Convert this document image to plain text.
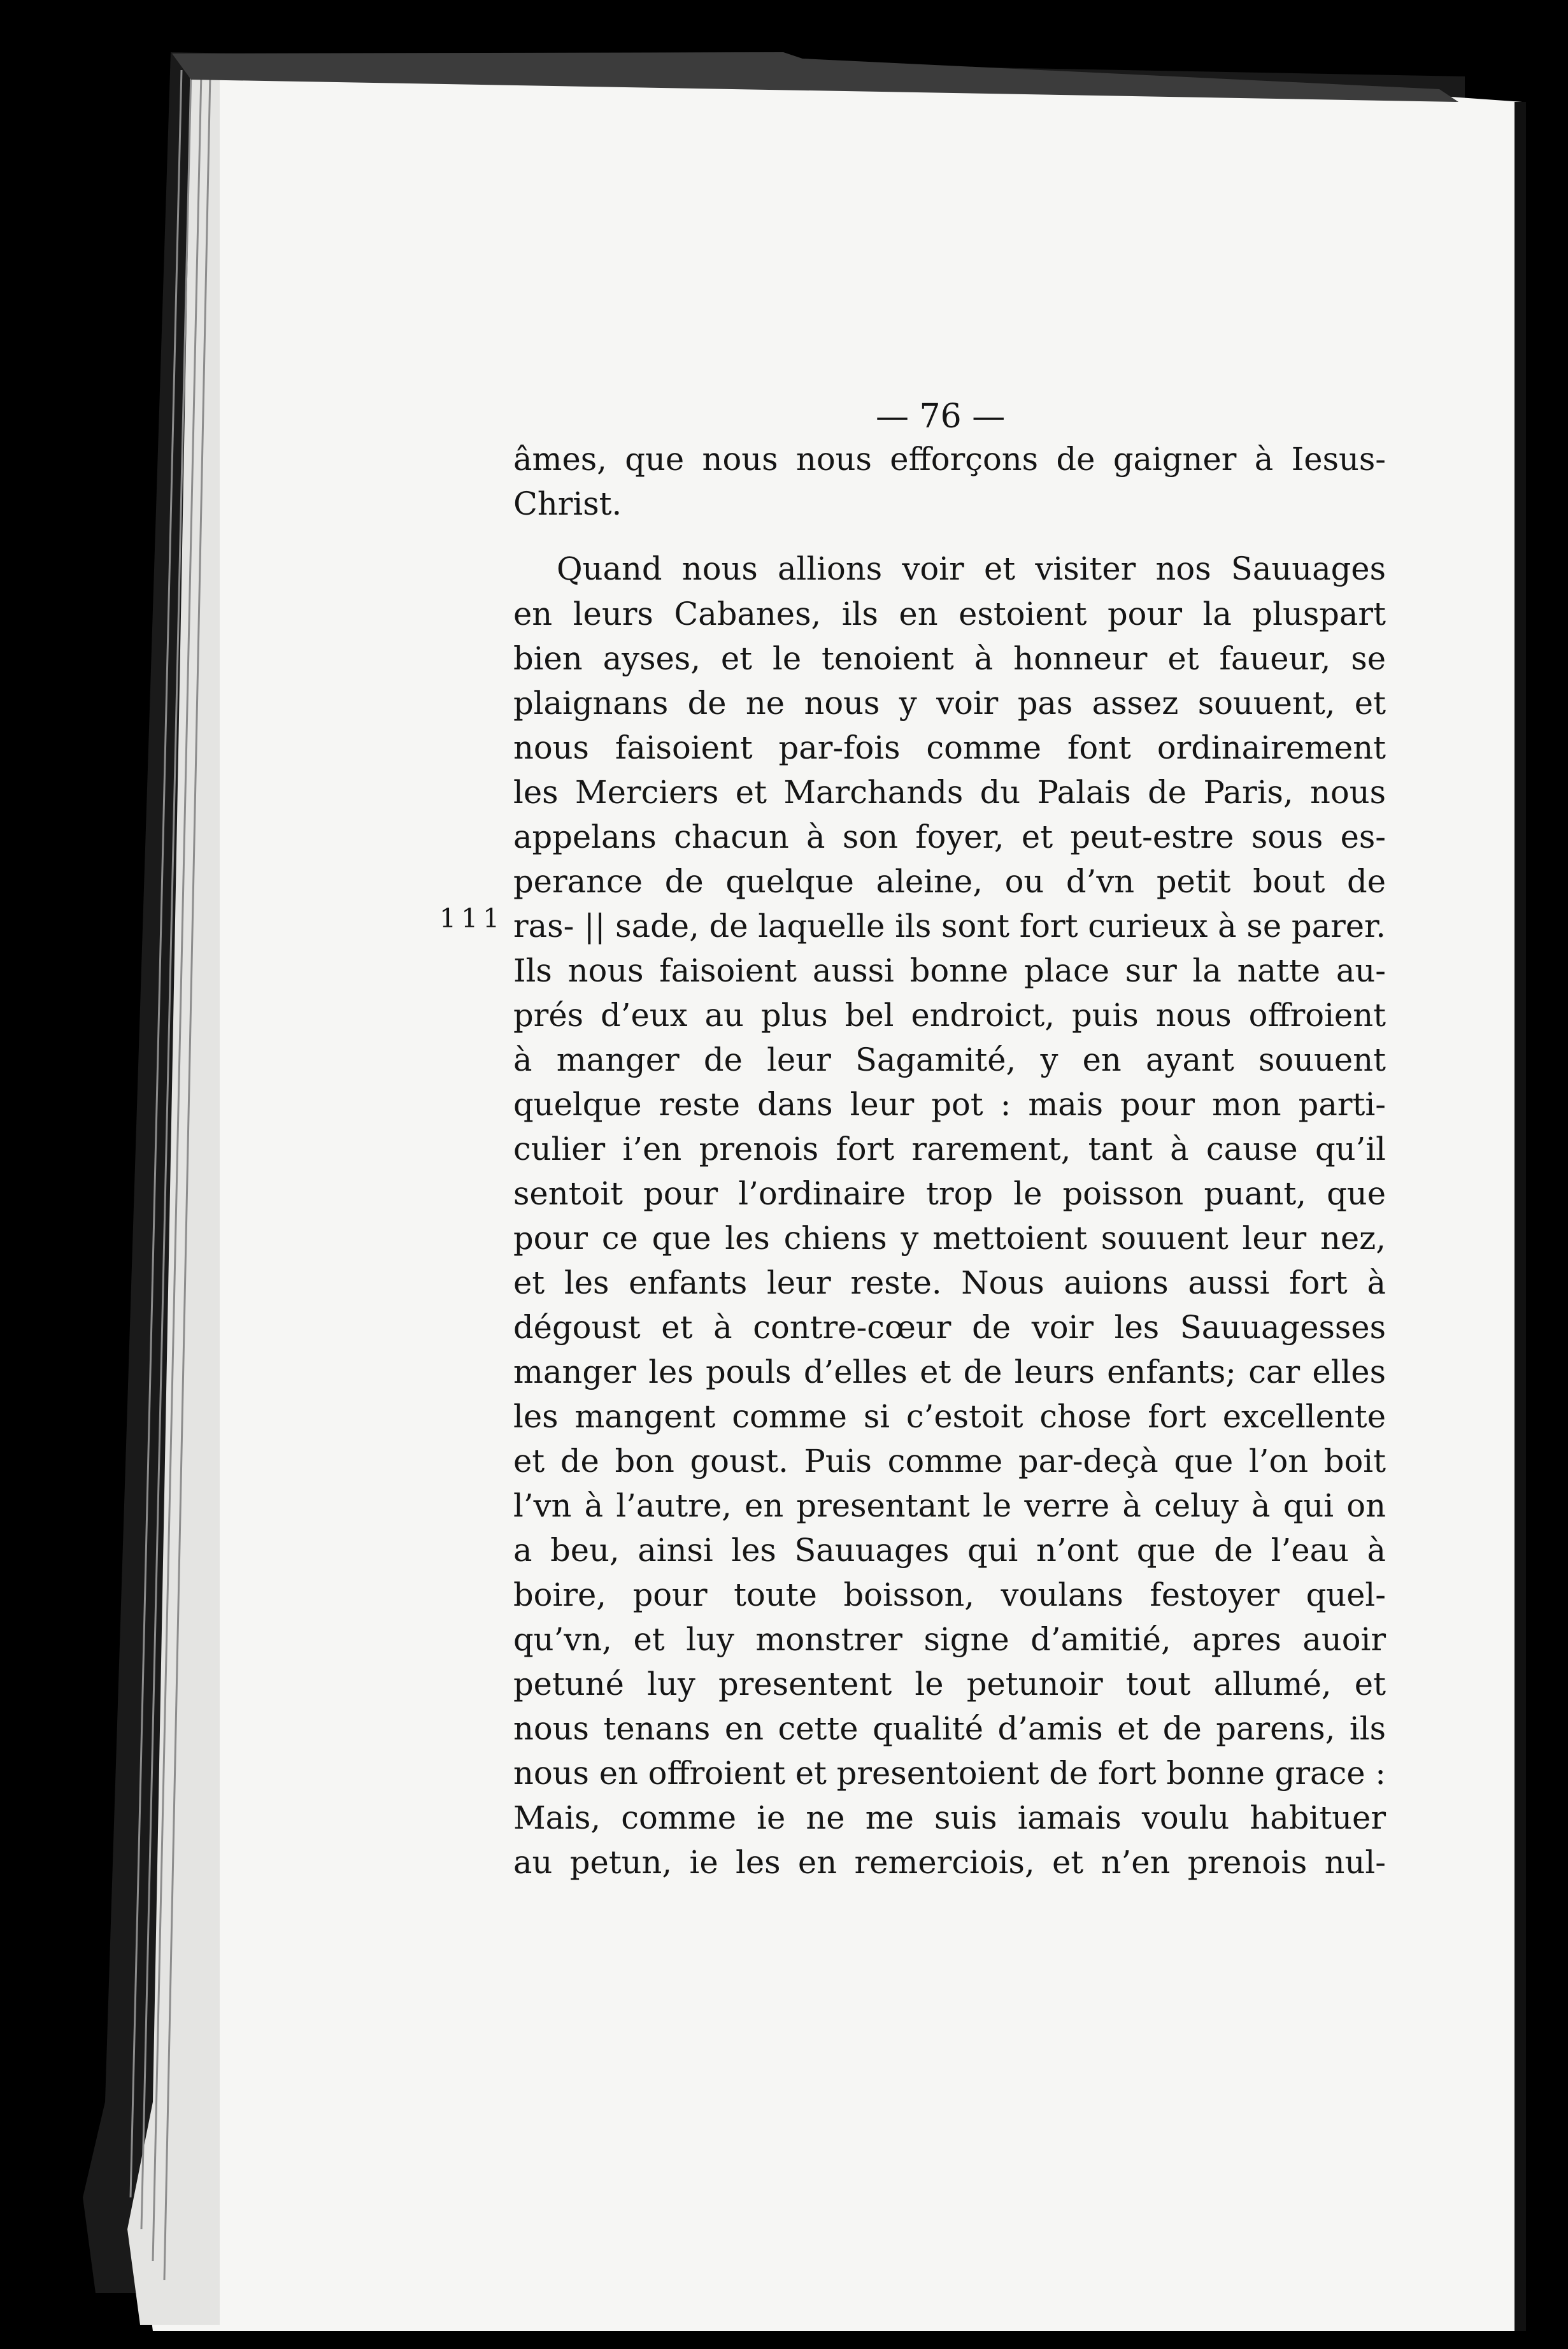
— 76 —
111
âmes, que nous nous efforçons de gaigner à Iesus-
Christ.
Quand nous allions voir et visiter nos Sauuages
en leurs Cabanes, ils en estoient pour la pluspart
bien ayses, et le tenoient à honneur et faueur, se
plaignans de ne nous y voir pas assez souuent, et
nous faisoient par-fois comme font ordinairement
les Merciers et Marchands du Palais de Paris, nous
appelans chacun à son foyer, et peut-estre sous es-
perance de quelque aleine, ou d’vn petit bout de
ras- || sade, de laquelle ils sont fort curieux à se parer.
Ils nous faisoient aussi bonne place sur la natte au-
prés d’eux au plus bel endroict, puis nous offroient
à manger de leur Sagamité, y en ayant souuent
quelque reste dans leur pot : mais pour mon parti-
culier i’en prenois fort rarement, tant à cause qu’il
sentoit pour l’ordinaire trop le poisson puant, que
pour ce que les chiens y mettoient souuent leur nez,
et les enfants leur reste. Nous auions aussi fort à
dégoust et à contre-cœur de voir les Sauuagesses
manger les pouls d’elles et de leurs enfants; car elles
les mangent comme si c’estoit chose fort excellente
et de bon goust. Puis comme par-deçà que l’on boit
l’vn à l’autre, en presentant le verre à celuy à qui on
a beu, ainsi les Sauuages qui n’ont que de l’eau à
boire, pour toute boisson, voulans festoyer quel-
qu’vn, et luy monstrer signe d’amitié, apres auoir
petuné luy presentent le petunoir tout allumé, et
nous tenans en cette qualité d’amis et de parens, ils
nous en offroient et presentoient de fort bonne grace :
Mais, comme ie ne me suis iamais voulu habituer
au petun, ie les en remerciois, et n’en prenois nul-
